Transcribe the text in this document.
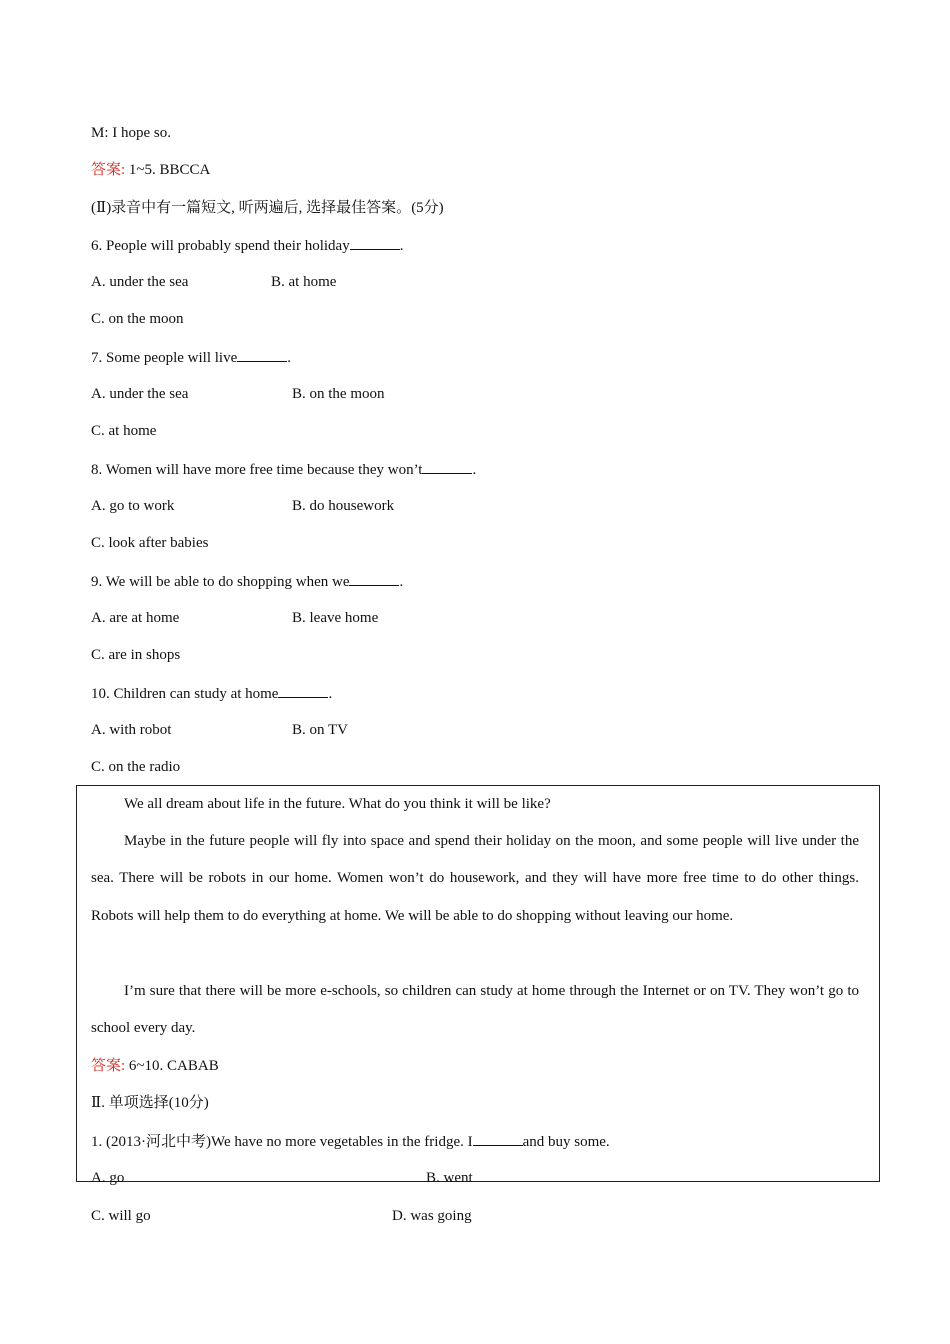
M: I hope so.
答案: 1~5. BBCCA
(Ⅱ)录音中有一篇短文, 听两遍后, 选择最佳答案。(5分)
6. People will probably spend their holiday	.
A. under the sea	B. at home
C. on the moon
7. Some people will live	.
A. under the sea	B. on the moon
C. at home
8. Women will have more free time because they won’t	.
A. go to work	B. do housework
C. look after babies
9. We will be able to do shopping when we	.
A. are at home	B. leave home
C. are in shops
10. Children can study at home	.
A. with robot	B. on TV
C. on the radio
We all dream about life in the future. What do you think it will be like?
Maybe in the future people will fly into space and spend their holiday on the moon, and some people will live under the sea. There will be robots in our home. Women won’t do housework, and they will have more free time to do other things. Robots will help them to do everything at home. We will be able to do shopping without leaving our home.
I’m sure that there will be more e-schools, so children can study at home through the Internet or on TV. They won’t go to school every day.
答案: 6~10. CABAB
Ⅱ. 单项选择(10分)
1. (2013·河北中考)We have no more vegetables in the fridge. I	and buy some.
A. go	B. went
C. will go	D. was going
